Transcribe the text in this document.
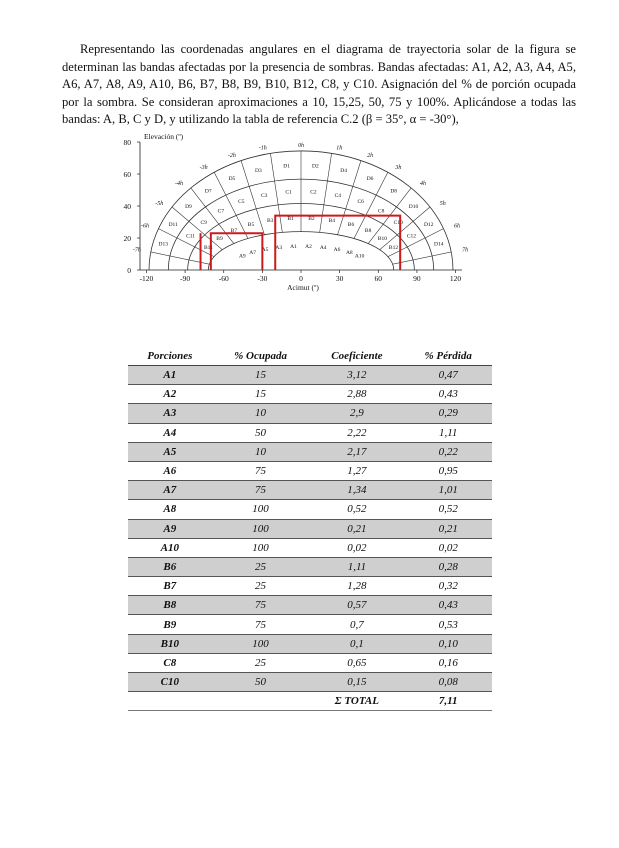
Representando las coordenadas angulares en el diagrama de trayectoria solar de la figura se determinan las bandas afectadas por la presencia de sombras. Bandas afectadas: A1, A2, A3, A4, A5, A6, A7, A8, A9, A10, B6, B7, B8, B9, B10, B12, C8, y C10. Asignación del % de porción ocupada por la sombra. Se consideran aproximaciones a 10, 15,25, 50, 75 y 100%. Aplicándose a todas las bandas: A, B, C y D, y utilizando la tabla de referencia C.2 (β = 35°, α = -30°),

80
60
40
20
0
-120	-90	-60	-30	0	30	60	90	120
Elevación (º)
Acimut (º)
0h
-1h
-2h
-3h
-4h
-5h
-6h
-7h
1h
2h
3h
4h
5h
6h
7h
D1	D2
D3	D4
D5	D6
D7	D8
D9	D10
D11	D12
D13	D14
C1	C2
C3	C4
C5	C6
C7	C8
C9	C10
C11	C12
B1	B2
B3	B4
B5	B6
B7	B8
B9	B10
B11	B12
A1 A2
A3	A4
A5	A6
A7	A8
A9	A10
Porciones	% Ocupada	Coeficiente	% Pérdida
A1	15	3,12	0,47
A2	15	2,88	0,43
A3	10	2,9	0,29
A4	50	2,22	1,11
A5	10	2,17	0,22
A6	75	1,27	0,95
A7	75	1,34	1,01
A8	100	0,52	0,52
A9	100	0,21	0,21
A10	100	0,02	0,02
B6	25	1,11	0,28
B7	25	1,28	0,32
B8	75	0,57	0,43
B9	75	0,7	0,53
B10	100	0,1	0,10
C8	25	0,65	0,16
C10	50	0,15	0,08
		Σ TOTAL	7,11
